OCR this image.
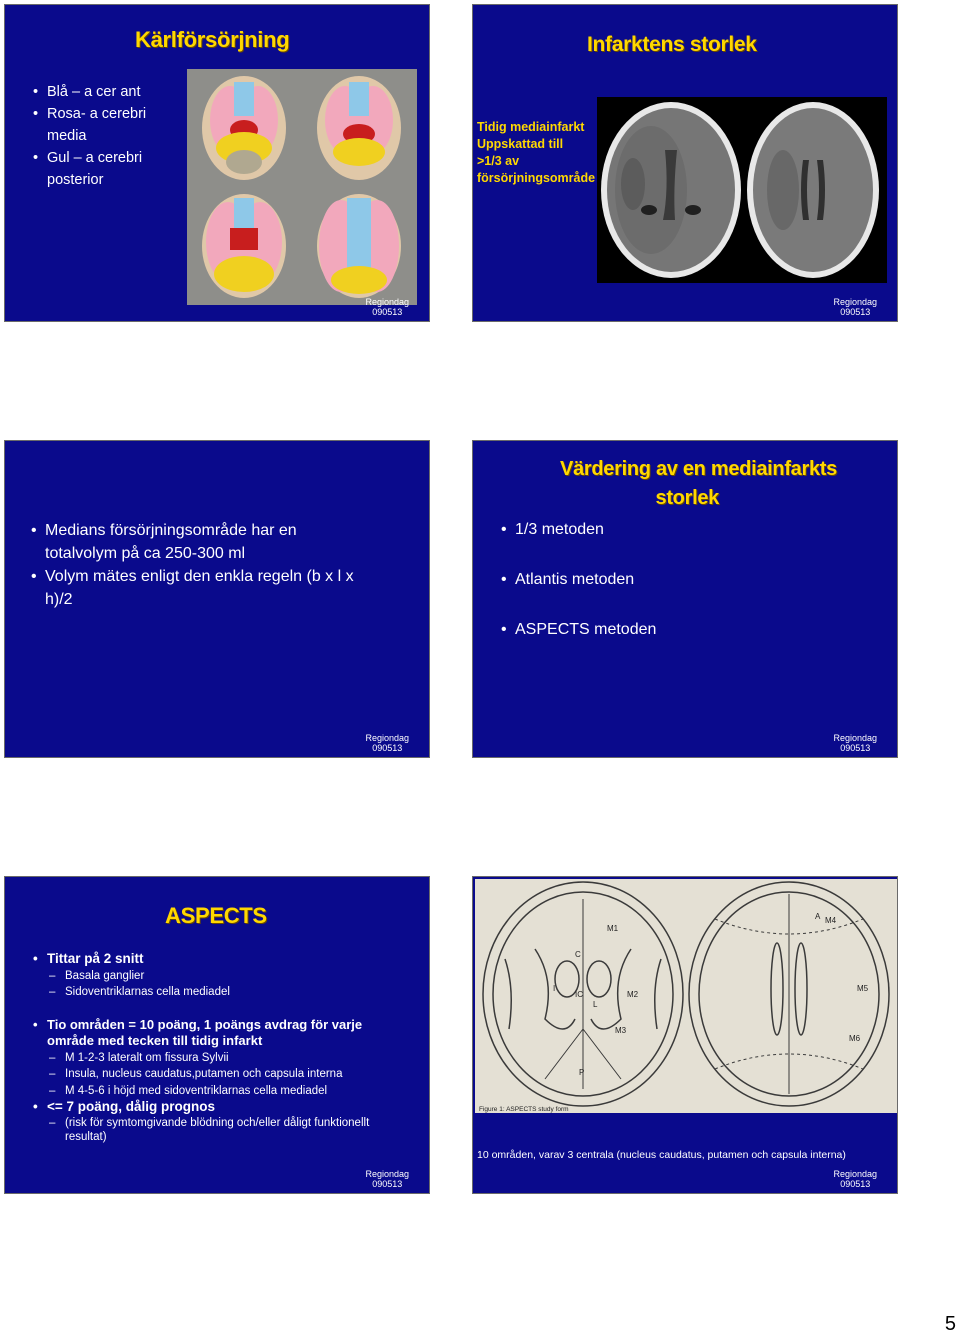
Kärlförsörjning
• Blå – a cer ant
• Rosa- a cerebri media
• Gul – a cerebri posterior
Regiondag
090513
Infarktens storlek
Tidig mediainfarkt
Uppskattad till
>1/3 av
försörjningsområde
Regiondag
090513
• Medians försörjningsområde har en totalvolym på ca 250-300 ml
• Volym mätes enligt den enkla regeln (b x l x h)/2
Regiondag
090513
Värdering av en mediainfarkts
storlek
• 1/3 metoden
• Atlantis metoden
• ASPECTS metoden
Regiondag
090513
ASPECTS
• Tittar på 2 snitt
– Basala ganglier
– Sidoventriklarnas cella mediadel
• Tio områden = 10 poäng, 1 poängs avdrag för varje område med tecken till tidig infarkt
– M 1-2-3 lateralt om fissura Sylvii
– Insula, nucleus caudatus,putamen och capsula interna
– M 4-5-6 i höjd med sidoventriklarnas cella mediadel
• <= 7 poäng, dålig prognos
– (risk för symtomgivande blödning och/eller dåligt funktionellt resultat)
Regiondag
090513
M1
M2
M3
C
I
IC
L
P
A M4
M5
M6
Figure 1: ASPECTS study form
10 områden, varav 3 centrala (nucleus caudatus, putamen och capsula interna)
Regiondag
090513
5
